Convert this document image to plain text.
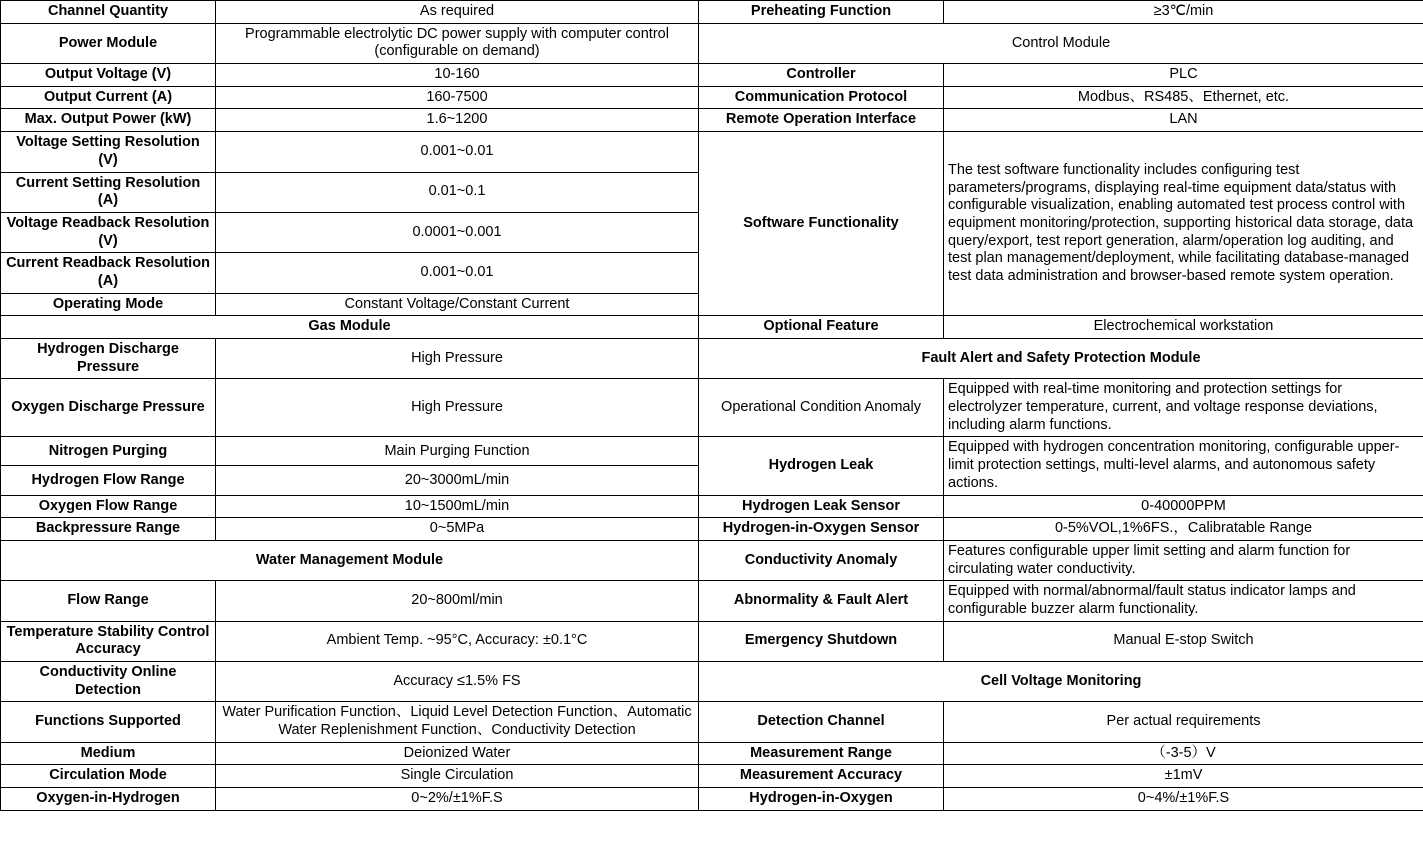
Channel Quantity	As required	Preheating Function	≥3℃/min
Power Module	Programmable electrolytic DC power supply with computer control (configurable on demand)	Control Module	
Output Voltage (V)	10-160	Controller	PLC
Output Current (A)	160-7500	Communication Protocol	Modbus、RS485、Ethernet, etc.
Max. Output Power (kW)	1.6~1200	Remote Operation Interface	LAN
Voltage Setting Resolution (V)	0.001~0.01	Software Functionality	The test software functionality includes configuring test parameters/programs, displaying real-time equipment data/status with configurable visualization, enabling automated test process control with equipment monitoring/protection, supporting historical data storage, data query/export, test report generation, alarm/operation log auditing, and test plan management/deployment, while facilitating database-managed test data administration and browser-based remote system operation.
Current Setting Resolution (A)	0.01~0.1		
Voltage Readback Resolution (V)	0.0001~0.001		
Current Readback Resolution (A)	0.001~0.01		
Operating Mode	Constant Voltage/Constant Current		
Gas Module		Optional Feature	Electrochemical workstation
Hydrogen Discharge Pressure	High Pressure	Fault Alert and Safety Protection Module	
Oxygen Discharge Pressure	High Pressure	Operational Condition Anomaly	Equipped with real-time monitoring and protection settings for electrolyzer temperature, current, and voltage response deviations, including alarm functions.
Nitrogen Purging	Main Purging Function	Hydrogen Leak	Equipped with hydrogen concentration monitoring, configurable upper-limit protection settings, multi-level alarms, and autonomous safety actions.
Hydrogen Flow Range	20~3000mL/min		
Oxygen Flow Range	10~1500mL/min	Hydrogen Leak Sensor	0-40000PPM
Backpressure Range	0~5MPa	Hydrogen-in-Oxygen Sensor	0-5%VOL,1%6FS.，Calibratable Range
Water Management Module		Conductivity Anomaly	Features configurable upper limit setting and alarm function for circulating water conductivity.
Flow Range	20~800ml/min	Abnormality & Fault Alert	Equipped with normal/abnormal/fault status indicator lamps and configurable buzzer alarm functionality.
Temperature Stability Control Accuracy	Ambient Temp. ~95°C, Accuracy: ±0.1°C	Emergency Shutdown	Manual E-stop Switch
Conductivity Online Detection	Accuracy ≤1.5% FS	Cell Voltage Monitoring	
Functions Supported	Water Purification Function、Liquid Level Detection Function、Automatic Water Replenishment Function、Conductivity Detection	Detection Channel	Per actual requirements
Medium	Deionized Water	Measurement Range	（-3-5）V
Circulation Mode	Single Circulation	Measurement Accuracy	±1mV
Oxygen-in-Hydrogen	0~2%/±1%F.S	Hydrogen-in-Oxygen	0~4%/±1%F.S
